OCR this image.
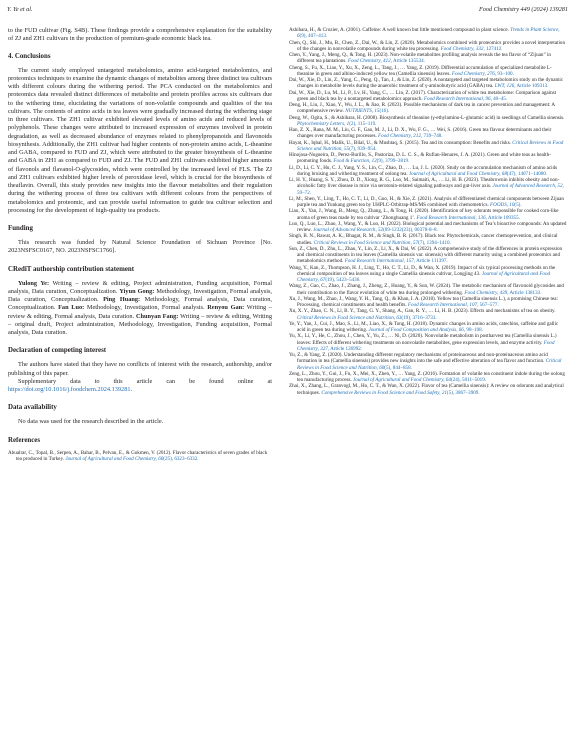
Y. Ye et al.	Food Chemistry 449 (2024) 139281

to the FUD cultivar (Fig. S4B). These findings provide a comprehensive explanation for the suitability of ZJ and ZH1 cultivars in the production of premium-grade economic black tea.

4. Conclusions

The current study employed untargeted metabolomics, amino acid-targeted metabolomics, and proteomics techniques to examine the dynamic changes of metabolites among three distinct tea cultivars with different colours during the withering period. The PCA conducted on the metabolomics and proteomics data revealed distinct differences of metabolite and protein profiles across six cultivars due to the withering time, elucidating the variations of non-volatile compounds and qualities of the tea cultivars. The contents of amino acids in tea leaves were gradually increased during the withering stage in three cultivars. The ZH1 cultivar exhibited elevated levels of amino acids and reduced levels of polyphenols. These changes were attributed to increased expression of enzymes involved in protein degradation, as well as decreased abundance of enzymes related to phenylpropanoids and flavonoids biosynthesis. Additionally, the ZH1 cultivar had higher contents of non-protein amino acids, L-theanine and GABA, compared to FUD and ZJ, which were attributed to the greater biosynthesis of L-theanine and GABA in ZH1 as compared to FUD and ZJ. The FUD and ZH1 cultivars exhibited higher amounts of flavonols and flavanol-O-glycosides, which were controlled by the increased level of FLS. The ZJ and ZH1 cultivars exhibited higher levels of peroxidase level, which is crucial for the biosynthesis of theaflavin. Overall, this study provides new insights into the flavour metabolites and their regulation during the withering process of three tea cultivars with different colours from the perspectives of metabolomics and proteomic, and can provide useful information to guide tea cultivar selection and processing for the development of high-quality tea products.

Funding

This research was funded by Natural Science Foundation of Sichuan Province [No. 2023NSFSC0167, NO. 2023NSFSC1766].

CRediT authorship contribution statement

Yulong Ye: Writing – review & editing, Project administration, Funding acquisition, Formal analysis, Data curation, Conceptualization. Yiyun Gong: Methodology, Investigation, Formal analysis, Data curation, Conceptualization. Ping Huang: Methodology, Formal analysis, Data curation, Conceptualization. Fan Luo: Methodology, Investigation, Formal analysis. Renyou Gan: Writing – review & editing, Formal analysis, Data curation. Chunyan Fang: Writing – review & editing, Writing – original draft, Project administration, Methodology, Investigation, Funding acquisition, Formal analysis, Data curation.

Declaration of competing interest

The authors have stated that they have no conflicts of interest with the research, authorship, and/or publishing of this paper.

Supplementary data to this article can be found online at https://doi.org/10.1016/j.foodchem.2024.139281.

Data availability

No data was used for the research described in the article.

References

Abualrar, C., Topal, B., Serpen, A., Bahar, B., Pelvan, E., & Gokmen, V. (2012). Flavor characteristics of seven grades of black tea produced in Turkey. Journal of Agricultural and Food Chemistry, 60(25), 6323–6332.

Ashihara, H., & Crozier, A. (2001). Caffeine: A well known but little mentioned compound in plant science. Trends in Plant Science, 6(9), 407–413.

Chen, Q., Shi, J., Mu, B., Chen, Z., Dai, W., & Lin, Z. (2020). Metabolomics combined with proteomics provides a novel interpretation of the changes in nonvolatile compounds during white tea processing. Food Chemistry, 332, 127412.

Chen, Y., Yang, J., Meng, Q., & Tong, H. (2023). Non-volatile metabolites profiling analysis reveals the tea flavor of “Zijuan” in different tea plantations. Food Chemistry, 412, Article 135534.

Cheng, S., Fu, X., Liao, Y., Xu, X., Zeng, L., Tang, J., … Yang, Z. (2019). Differential accumulation of specialized metabolite L-theanine in green and albino-induced yellow tea (Camellia sinensis) leaves. Food Chemistry, 276, 93–100.

Dai, W., Xie, D., Lin, Z., Yang, C., Peng, Q., Tan, J., & Lin, Z. (2020). A nontargeted and targeted metabolomics study on the dynamic changes in metabolite levels during the anaerobic treatment of γ-aminobutyric acid (GABA) tea. LWT, 126, Article 109313.

Dai, W., Xie, D., Lu, M., Li, P., Lv, H., Yang, C., … Lin, Z. (2017). Characterization of white tea metabolome: Comparison against green and black tea by a nontargeted metabolomics approach. Food Research International, 96, 40–45.

Deng, H., Liu, J., Xiao, Y., Wu, J. L., & Jiao, R. (2023). Possible mechanisms of dark tea in cancer prevention and management: A comprehensive review. NUTRIENTS, 15(16).

Deng, W., Ogita, S., & Ashihara, H. (2008). Biosynthesis of theanine (γ-ethylamino-L-glutamic acid) in seedlings of Camellia sinensis. Phytochemistry Letters, 1(2), 115–119.

Han, Z. X., Rana, M. M., Liu, G. F., Gao, M. J., Li, D. X., Wu, F. G., … Wei, S. (2016). Green tea flavour determinants and their changes over manufacturing processes. Food Chemistry, 212, 739–748.

Hayat, K., Iqbal, H., Malik, U., Bilal, U., & Mushtaq, S. (2015). Tea and its consumption: Benefits and risks. Critical Reviews in Food Science and Nutrition, 55(7), 939–954.

Hinojosa-Nogueira, D., Perez-Burillo, S., Pastoriza, D. L. C. S., & Rufian-Henares, J. A. (2021). Green and white teas as health-promoting foods. Food & Function, 12(9), 3799–3819.

Li, D., Li, C. Y., Hu, C. J., Yang, Y. S., Lin, C., Zhao, D., … Lu, J. L. (2020). Study on the accumulation mechanism of amino acids during bruising and withering treatment of oolong tea. Journal of Agricultural and Food Chemistry, 68(47), 14071–14080.

Li, H. Y., Huang, S. Y., Zhou, D. D., Xiong, R. G., Luo, M., Saimaiti, A., … Li, H. B. (2023). Theabrownin inhibits obesity and non-alcoholic fatty liver disease in mice via serotonin-related signaling pathways and gut-liver axis. Journal of Advanced Research, 52, 59–72.

Li, M., Shen, Y., Ling, T., Ho, C. T., Li, D., Guo, H., & Xie, Z. (2021). Analysis of differentiated chemical components between Zijuan purple tea and Yunkang green tea by UHPLC-Orbitrap-MS/MS combined with chemometrics. FOODS, 10(5).

Liao, X., Yan, J., Wang, B., Meng, Q., Zhang, L., & Tong, H. (2020). Identification of key odorants responsible for cooked corn-like aroma of green teas made by tea cultivar ‘Zhonghuang 1’. Food Research International, 136, Article 109355.

Luo, Q., Luo, L., Zhao, J., Wang, Y., & Luo, H. (2022). Biological potential and mechanisms of Tea’s bioactive compounds: An updated review. Journal of Advanced Research, 52(09-1232(23)), 00378-8–8.

Singh, B. N., Rawat, A. K., Bhagat, R. M., & Singh, B. R. (2017). Black tea: Phytochemicals, cancer chemoprevention, and clinical studies. Critical Reviews in Food Science and Nutrition, 57(7), 1394–1410.

Sun, Z., Chen, D., Zhu, L., Zhao, Y., Lin, Z., Li, X., & Dai, W. (2022). A comprehensive study of the differences in protein expression and chemical constituents in tea leaves (Camellia sinensis var. sinensis) with different maturity using a combined proteomics and metabolomics method. Food Research International, 157, Article 111397.

Wang, Y., Kan, Z., Thompson, H. J., Ling, T., Ho, C. T., Li, D., & Wan, X. (2019). Impact of six typical processing methods on the chemical composition of tea leaves using a single Camellia sinensis cultivar, Longjing 43. Journal of Agricultural and Food Chemistry, 67(19), 5423–5436.

Wang, Z., Gao, C., Zhao, J., Zhang, J., Zheng, Z., Huang, Y., & Sun, W. (2024). The metabolic mechanism of flavonoid glycosides and their contribution to the flavor evolution of white tea during prolonged withering. Food Chemistry, 439, Article 138133.

Xu, J., Wang, M., Zhao, J., Wang, Y. H., Tang, Q., & Khan, I. A. (2018). Yellow tea (Camellia sinensis L.), a promising Chinese tea: Processing, chemical constituents and health benefits. Food Research International, 107, 567–577.

Xu, X. Y., Zhao, C. N., Li, B. Y., Tang, G. Y., Shang, A., Gan, R. Y., … Li, H. B. (2023). Effects and mechanisms of tea on obesity. Critical Reviews in Food Science and Nutrition, 63(19), 3716–3733.

Ye, Y., Yan, J., Cui, J., Mao, S., Li, M., Liao, X., & Tong, H. (2018). Dynamic changes in amino acids, catechins, caffeine and gallic acid in green tea during withering. Journal of Food Composition and Analysis, 66, 98–108.

Yu, X., Li, Y., He, C., Zhou, J., Chen, Y., Yu, Z., … Ni, D. (2020). Nonvolatile metabolism in postharvest tea (Camellia sinensis L.) leaves: Effects of different withering treatments on nonvolatile metabolites, gene expression levels, and enzyme activity. Food Chemistry, 327, Article 126992.

Yu, Z., & Yang, Z. (2020). Understanding different regulatory mechanisms of proteinaceous and non-proteinaceous amino acid formation in tea (Camellia sinensis) provides new insights into the safe and effective alteration of tea flavor and function. Critical Reviews in Food Science and Nutrition, 60(5), 844–858.

Zeng, L., Zhou, Y., Gui, J., Fu, X., Mei, X., Zhen, Y., … Yang, Z. (2016). Formation of volatile tea constituent indole during the oolong tea manufacturing process. Journal of Agricultural and Food Chemistry, 64(24), 5011–5019.

Zhai, X., Zhang, L., Granvogl, M., Ho, C. T., & Wan, X. (2022). Flavor of tea (Camellia sinensis): A review on odorants and analytical techniques. Comprehensive Reviews in Food Science and Food Safety, 21(5), 3867–3909.
